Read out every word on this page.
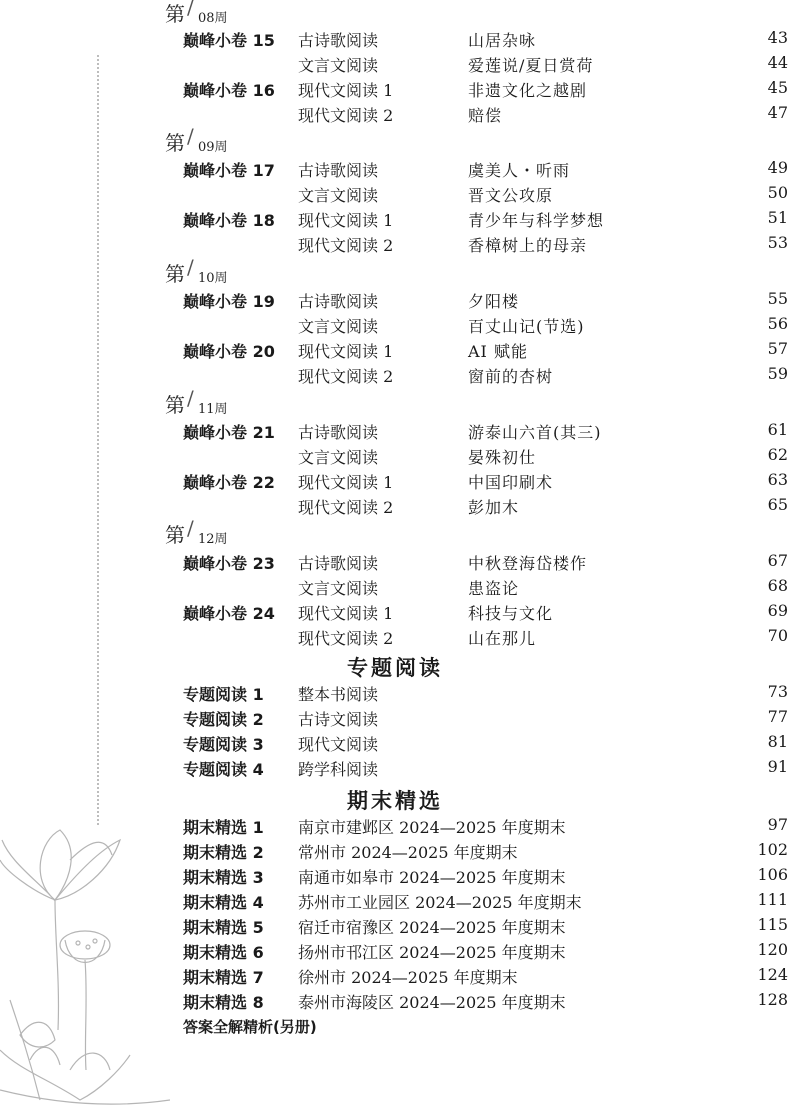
第 / 08周
巅峰小卷 15 古诗歌阅读	山居杂咏	43
文言文阅读	爱莲说/夏日赏荷	44
巅峰小卷 16 现代文阅读 1	非遗文化之越剧	45
现代文阅读 2	赔偿	47
第 / 09周
巅峰小卷 17 古诗歌阅读	虞美人・听雨	49
文言文阅读	晋文公攻原	50
巅峰小卷 18 现代文阅读 1	青少年与科学梦想	51
现代文阅读 2	香樟树上的母亲	53
第 / 10周
巅峰小卷 19 古诗歌阅读	夕阳楼	55
文言文阅读	百丈山记(节选)	56
巅峰小卷 20 现代文阅读 1	AI 赋能	57
现代文阅读 2	窗前的杏树	59
第 / 11周
巅峰小卷 21 古诗歌阅读	游泰山六首(其三)	61
文言文阅读	晏殊初仕	62
巅峰小卷 22 现代文阅读 1	中国印刷术	63
现代文阅读 2	彭加木	65
第 / 12周
巅峰小卷 23 古诗歌阅读	中秋登海岱楼作	67
文言文阅读	患盗论	68
巅峰小卷 24 现代文阅读 1	科技与文化	69
现代文阅读 2	山在那儿	70
专题阅读
专题阅读 1 整本书阅读	73
专题阅读 2 古诗文阅读	77
专题阅读 3 现代文阅读	81
专题阅读 4 跨学科阅读	91
期末精选
期末精选 1 南京市建邺区 2024—2025 年度期末	97
期末精选 2 常州市 2024—2025 年度期末	102
期末精选 3 南通市如皋市 2024—2025 年度期末	106
期末精选 4 苏州市工业园区 2024—2025 年度期末	111
期末精选 5 宿迁市宿豫区 2024—2025 年度期末	115
期末精选 6 扬州市邗江区 2024—2025 年度期末	120
期末精选 7 徐州市 2024—2025 年度期末	124
期末精选 8 泰州市海陵区 2024—2025 年度期末	128
答案全解精析(另册)
